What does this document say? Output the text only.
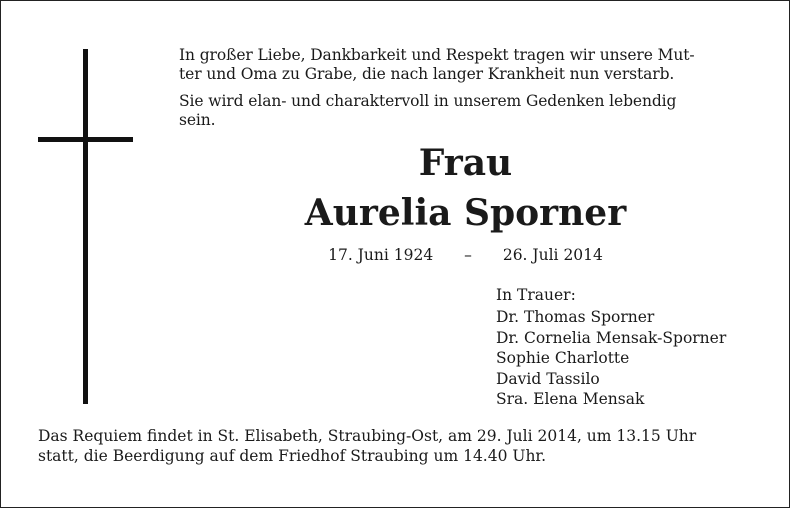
In großer Liebe, Dankbarkeit und Respekt tragen wir unsere Mut-
ter und Oma zu Grabe, die nach langer Krankheit nun verstarb.
Sie wird elan- und charaktervoll in unserem Gedenken lebendig
sein.
Frau
Aurelia Sporner
17. Juni 1924 – 26. Juli 2014
In Trauer:
Dr. Thomas Sporner
Dr. Cornelia Mensak-Sporner
Sophie Charlotte
David Tassilo
Sra. Elena Mensak
Das Requiem findet in St. Elisabeth, Straubing-Ost, am 29. Juli 2014, um 13.15 Uhr
statt, die Beerdigung auf dem Friedhof Straubing um 14.40 Uhr.
